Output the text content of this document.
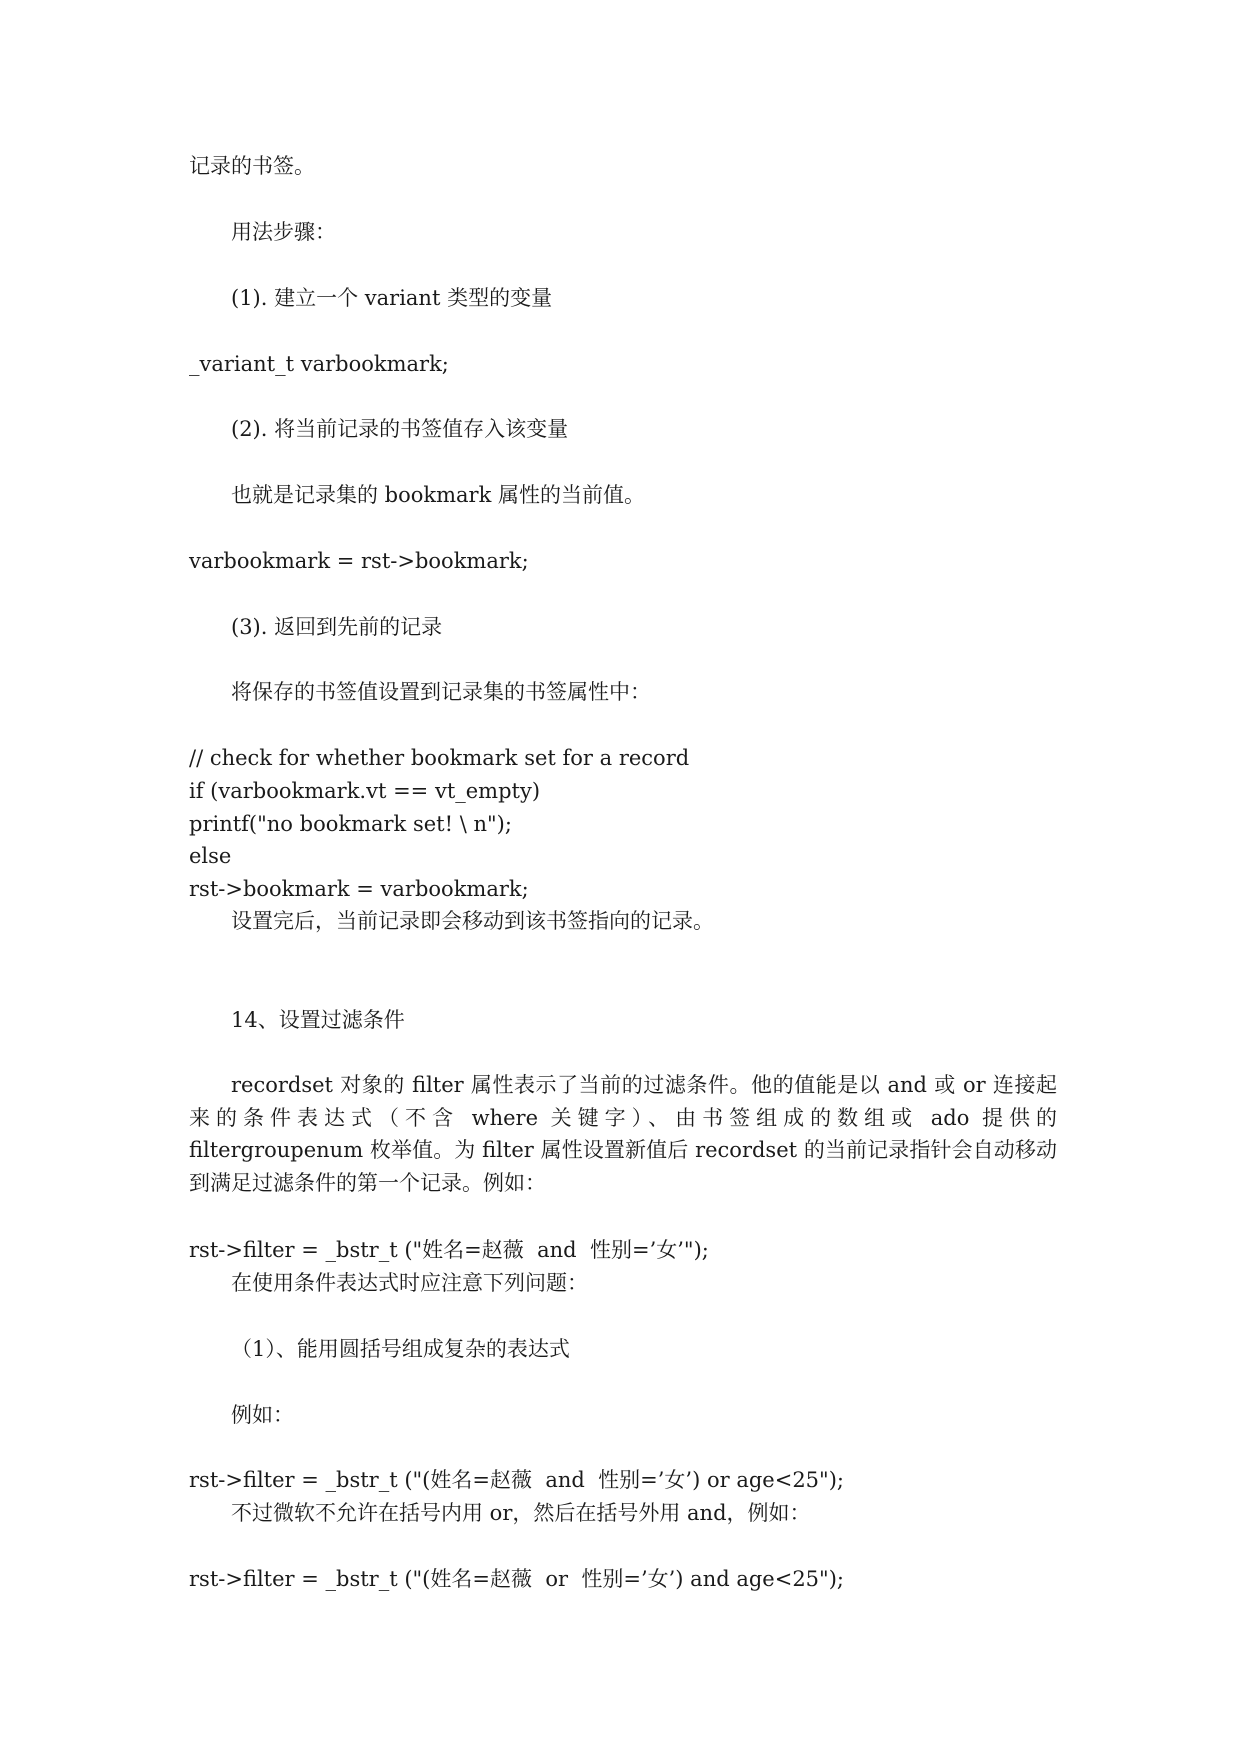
记录的书签。

用法步骤：

(1). 建立一个 variant 类型的变量

_variant_t varbookmark;

(2). 将当前记录的书签值存入该变量

也就是记录集的 bookmark 属性的当前值。

varbookmark = rst->bookmark;

(3). 返回到先前的记录

将保存的书签值设置到记录集的书签属性中：

// check for whether bookmark set for a record

if (varbookmark.vt == vt_empty)

printf("no bookmark set! \ n");

else

rst->bookmark = varbookmark;

设置完后，当前记录即会移动到该书签指向的记录。

14、设置过滤条件

recordset 对象的 filter 属性表示了当前的过滤条件。他的值能是以 and 或 or 连接起来的条件表达式（不含 where 关键字）、由书签组成的数组或 ado 提供的 filtergroupenum 枚举值。为 filter 属性设置新值后 recordset 的当前记录指针会自动移动到满足过滤条件的第一个记录。例如：

rst->filter = _bstr_t ("姓名=赵薇  and  性别=’女’");

在使用条件表达式时应注意下列问题：

（1）、能用圆括号组成复杂的表达式

例如：

rst->filter = _bstr_t ("(姓名=赵薇  and  性别=’女’) or age<25");

不过微软不允许在括号内用 or，然后在括号外用 and，例如：

rst->filter = _bstr_t ("(姓名=赵薇  or  性别=’女’) and age<25");
